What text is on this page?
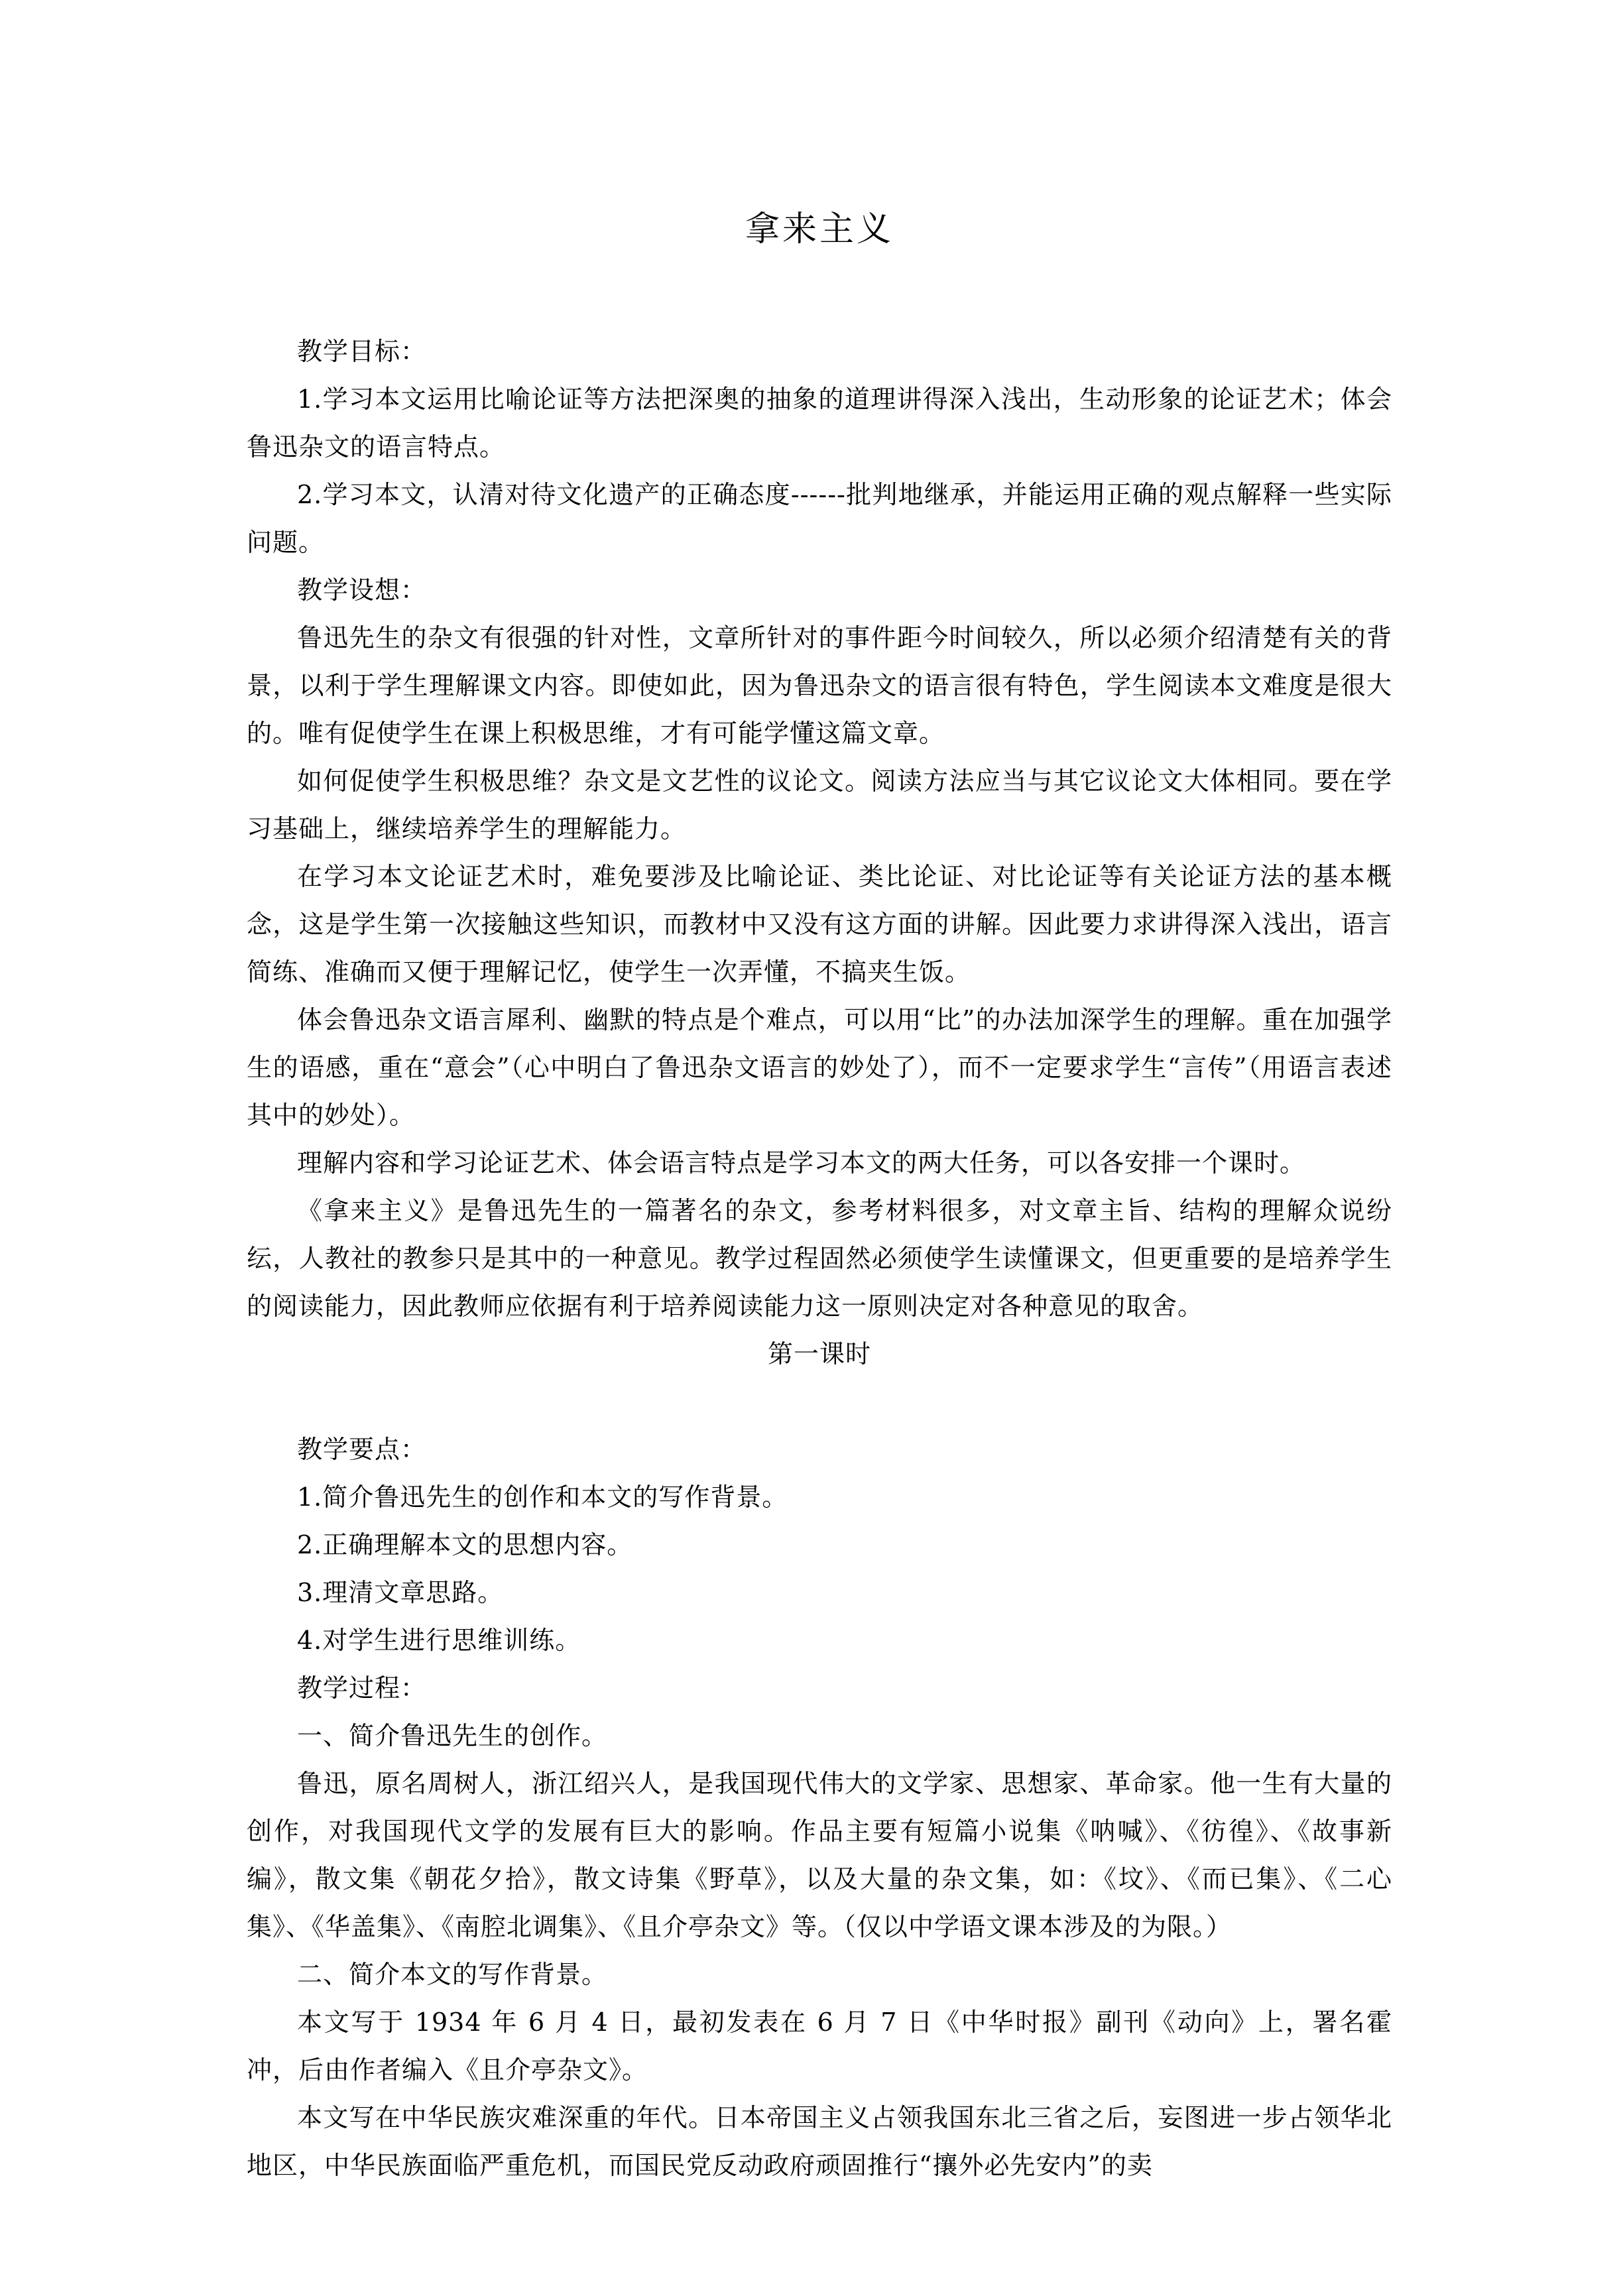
拿来主义

教学目标：

1.学习本文运用比喻论证等方法把深奥的抽象的道理讲得深入浅出，生动形象的论证艺术；体会鲁迅杂文的语言特点。

2.学习本文，认清对待文化遗产的正确态度------批判地继承，并能运用正确的观点解释一些实际问题。

教学设想：

鲁迅先生的杂文有很强的针对性，文章所针对的事件距今时间较久，所以必须介绍清楚有关的背景，以利于学生理解课文内容。即使如此，因为鲁迅杂文的语言很有特色，学生阅读本文难度是很大的。唯有促使学生在课上积极思维，才有可能学懂这篇文章。

如何促使学生积极思维？杂文是文艺性的议论文。阅读方法应当与其它议论文大体相同。要在学习基础上，继续培养学生的理解能力。

在学习本文论证艺术时，难免要涉及比喻论证、类比论证、对比论证等有关论证方法的基本概念，这是学生第一次接触这些知识，而教材中又没有这方面的讲解。因此要力求讲得深入浅出，语言简练、准确而又便于理解记忆，使学生一次弄懂，不搞夹生饭。

体会鲁迅杂文语言犀利、幽默的特点是个难点，可以用“比”的办法加深学生的理解。重在加强学生的语感，重在“意会”（心中明白了鲁迅杂文语言的妙处了），而不一定要求学生“言传”（用语言表述其中的妙处）。

理解内容和学习论证艺术、体会语言特点是学习本文的两大任务，可以各安排一个课时。

《拿来主义》是鲁迅先生的一篇著名的杂文，参考材料很多，对文章主旨、结构的理解众说纷纭，人教社的教参只是其中的一种意见。教学过程固然必须使学生读懂课文，但更重要的是培养学生的阅读能力，因此教师应依据有利于培养阅读能力这一原则决定对各种意见的取舍。

第一课时

教学要点：

1.简介鲁迅先生的创作和本文的写作背景。

2.正确理解本文的思想内容。

3.理清文章思路。

4.对学生进行思维训练。

教学过程：

一、简介鲁迅先生的创作。

鲁迅，原名周树人，浙江绍兴人，是我国现代伟大的文学家、思想家、革命家。他一生有大量的创作，对我国现代文学的发展有巨大的影响。作品主要有短篇小说集《呐喊》、《彷徨》、《故事新编》，散文集《朝花夕拾》，散文诗集《野草》，以及大量的杂文集，如：《坟》、《而已集》、《二心集》、《华盖集》、《南腔北调集》、《且介亭杂文》等。（仅以中学语文课本涉及的为限。）

二、简介本文的写作背景。

本文写于 1934 年 6 月 4 日，最初发表在 6 月 7 日《中华时报》副刊《动向》上，署名霍冲，后由作者编入《且介亭杂文》。

本文写在中华民族灾难深重的年代。日本帝国主义占领我国东北三省之后，妄图进一步占领华北地区，中华民族面临严重危机，而国民党反动政府顽固推行“攘外必先安内”的卖
